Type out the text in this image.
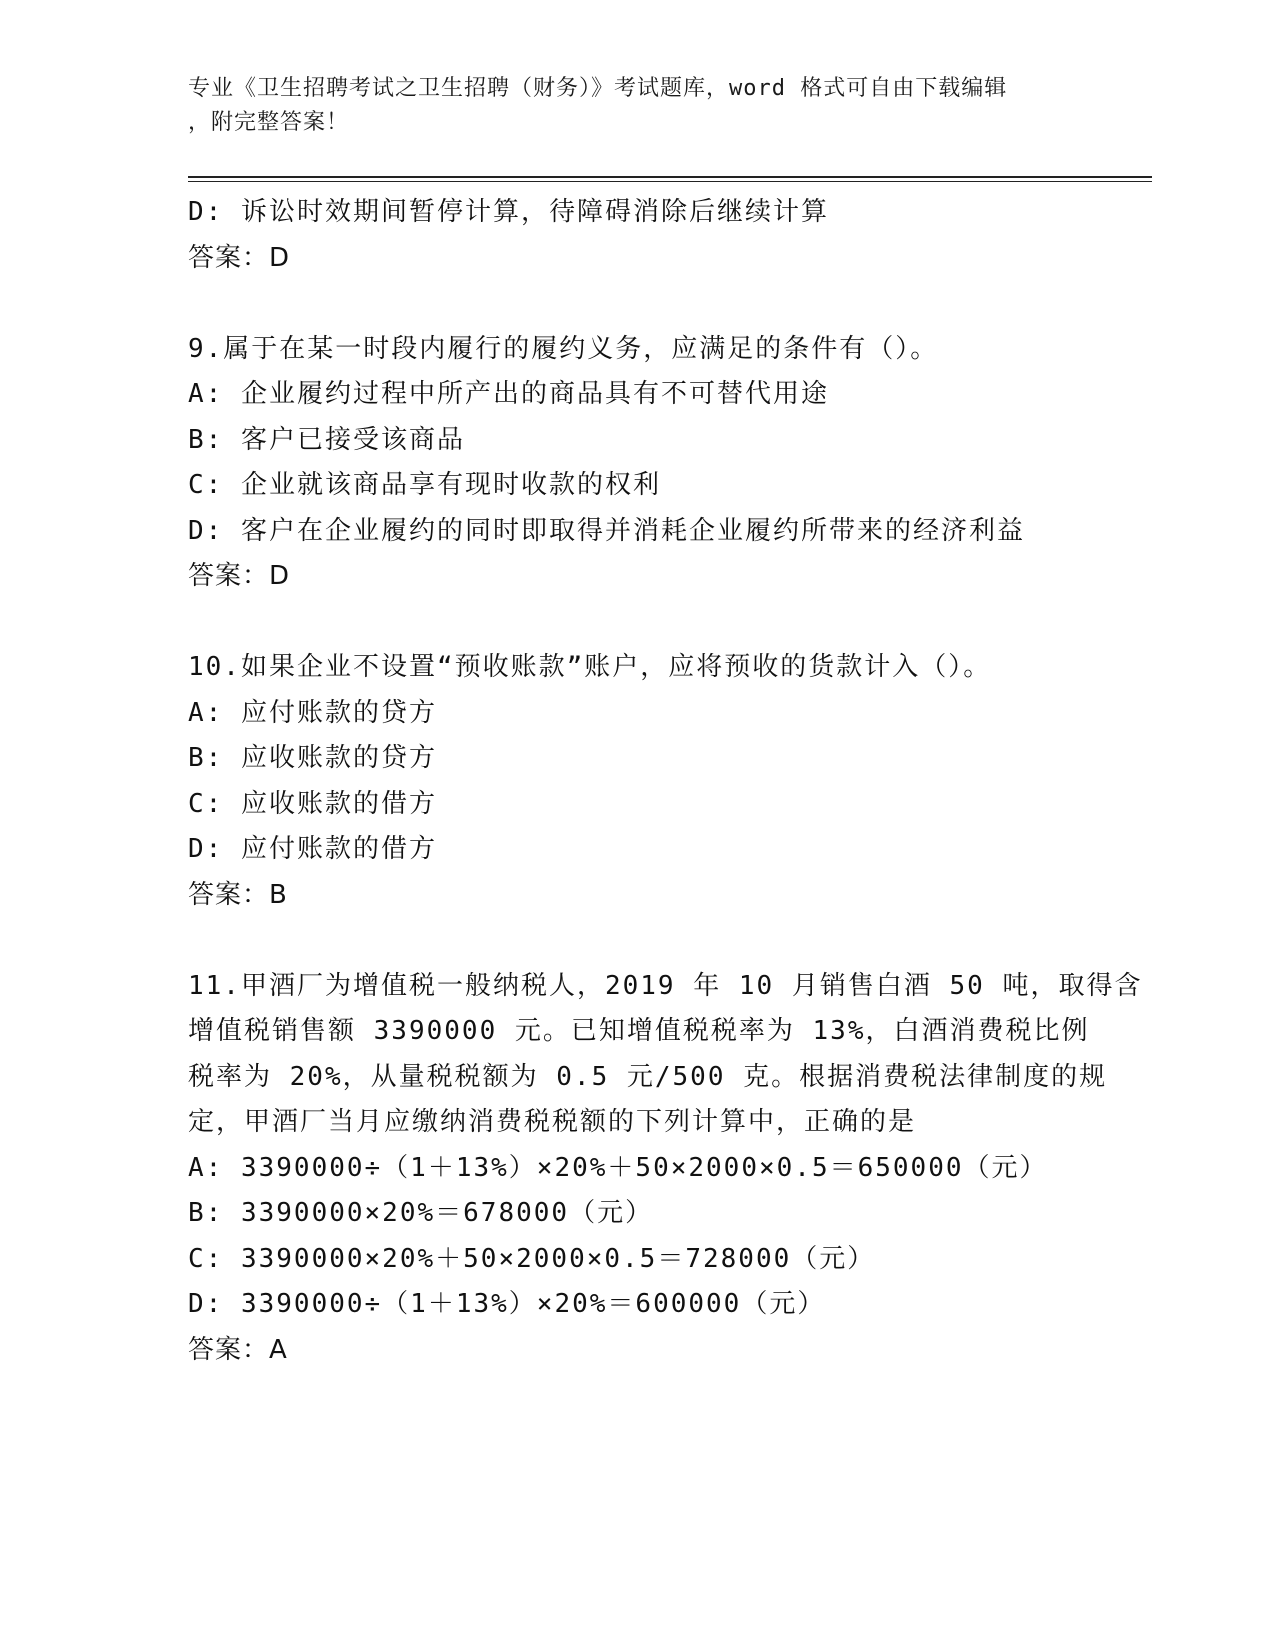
专业《卫生招聘考试之卫生招聘（财务）》考试题库，word 格式可自由下载编辑
，附完整答案！
D: 诉讼时效期间暂停计算，待障碍消除后继续计算
答案：D
9.属于在某一时段内履行的履约义务，应满足的条件有（）。
A: 企业履约过程中所产出的商品具有不可替代用途
B: 客户已接受该商品
C: 企业就该商品享有现时收款的权利
D: 客户在企业履约的同时即取得并消耗企业履约所带来的经济利益
答案：D
10.如果企业不设置“预收账款”账户，应将预收的货款计入（）。
A: 应付账款的贷方
B: 应收账款的贷方
C: 应收账款的借方
D: 应付账款的借方
答案：B
11.甲酒厂为增值税一般纳税人，2019 年 10 月销售白酒 50 吨，取得含
增值税销售额 3390000 元。已知增值税税率为 13%，白酒消费税比例
税率为 20%，从量税税额为 0.5 元/500 克。根据消费税法律制度的规
定，甲酒厂当月应缴纳消费税税额的下列计算中，正确的是
A: 3390000÷（1＋13%）×20%＋50×2000×0.5＝650000（元）
B: 3390000×20%＝678000（元）
C: 3390000×20%＋50×2000×0.5＝728000（元）
D: 3390000÷（1＋13%）×20%＝600000（元）
答案：A
